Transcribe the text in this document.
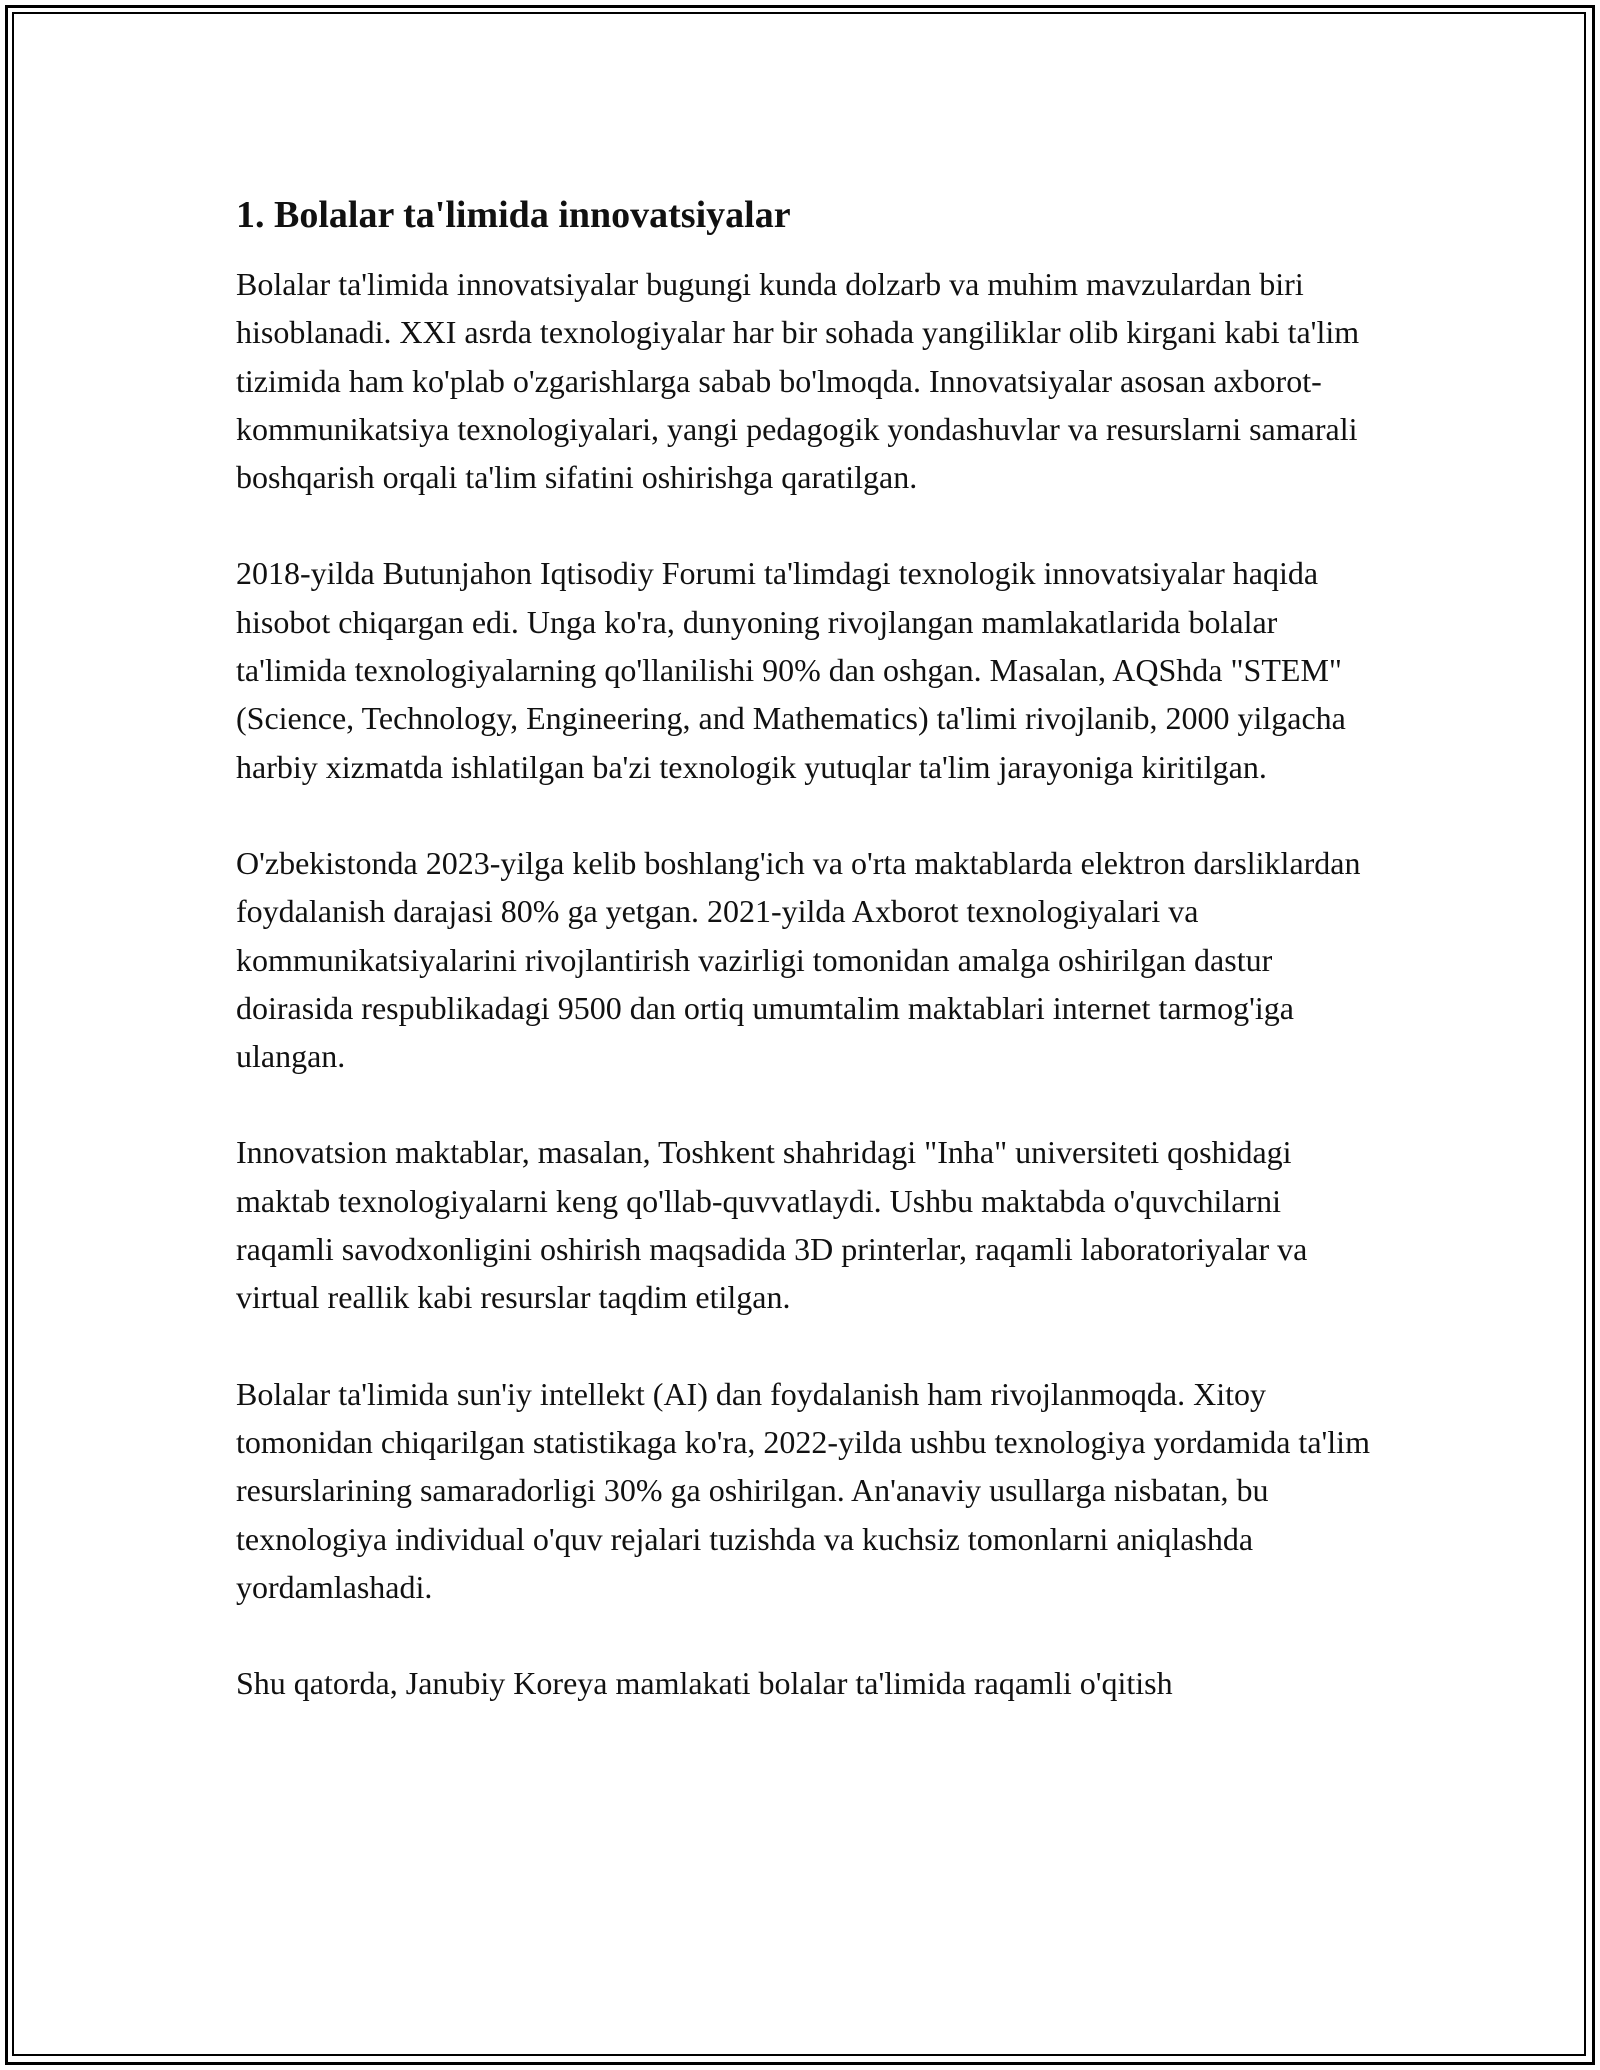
1. Bolalar ta'limida innovatsiyalar

Bolalar ta'limida innovatsiyalar bugungi kunda dolzarb va muhim mavzulardan biri hisoblanadi. XXI asrda texnologiyalar har bir sohada yangiliklar olib kirgani kabi ta'lim tizimida ham ko'plab o'zgarishlarga sabab bo'lmoqda. Innovatsiyalar asosan axborot-kommunikatsiya texnologiyalari, yangi pedagogik yondashuvlar va resurslarni samarali boshqarish orqali ta'lim sifatini oshirishga qaratilgan.

2018-yilda Butunjahon Iqtisodiy Forumi ta'limdagi texnologik innovatsiyalar haqida hisobot chiqargan edi. Unga ko'ra, dunyoning rivojlangan mamlakatlarida bolalar ta'limida texnologiyalarning qo'llanilishi 90% dan oshgan. Masalan, AQShda "STEM" (Science, Technology, Engineering, and Mathematics) ta'limi rivojlanib, 2000 yilgacha harbiy xizmatda ishlatilgan ba'zi texnologik yutuqlar ta'lim jarayoniga kiritilgan.

O'zbekistonda 2023-yilga kelib boshlang'ich va o'rta maktablarda elektron darsliklardan foydalanish darajasi 80% ga yetgan. 2021-yilda Axborot texnologiyalari va kommunikatsiyalarini rivojlantirish vazirligi tomonidan amalga oshirilgan dastur doirasida respublikadagi 9500 dan ortiq umumtalim maktablari internet tarmog'iga ulangan.

Innovatsion maktablar, masalan, Toshkent shahridagi "Inha" universiteti qoshidagi maktab texnologiyalarni keng qo'llab-quvvatlaydi. Ushbu maktabda o'quvchilarni raqamli savodxonligini oshirish maqsadida 3D printerlar, raqamli laboratoriyalar va virtual reallik kabi resurslar taqdim etilgan.

Bolalar ta'limida sun'iy intellekt (AI) dan foydalanish ham rivojlanmoqda. Xitoy tomonidan chiqarilgan statistikaga ko'ra, 2022-yilda ushbu texnologiya yordamida ta'lim resurslarining samaradorligi 30% ga oshirilgan. An'anaviy usullarga nisbatan, bu texnologiya individual o'quv rejalari tuzishda va kuchsiz tomonlarni aniqlashda yordamlashadi.

Shu qatorda, Janubiy Koreya mamlakati bolalar ta'limida raqamli o'qitish
